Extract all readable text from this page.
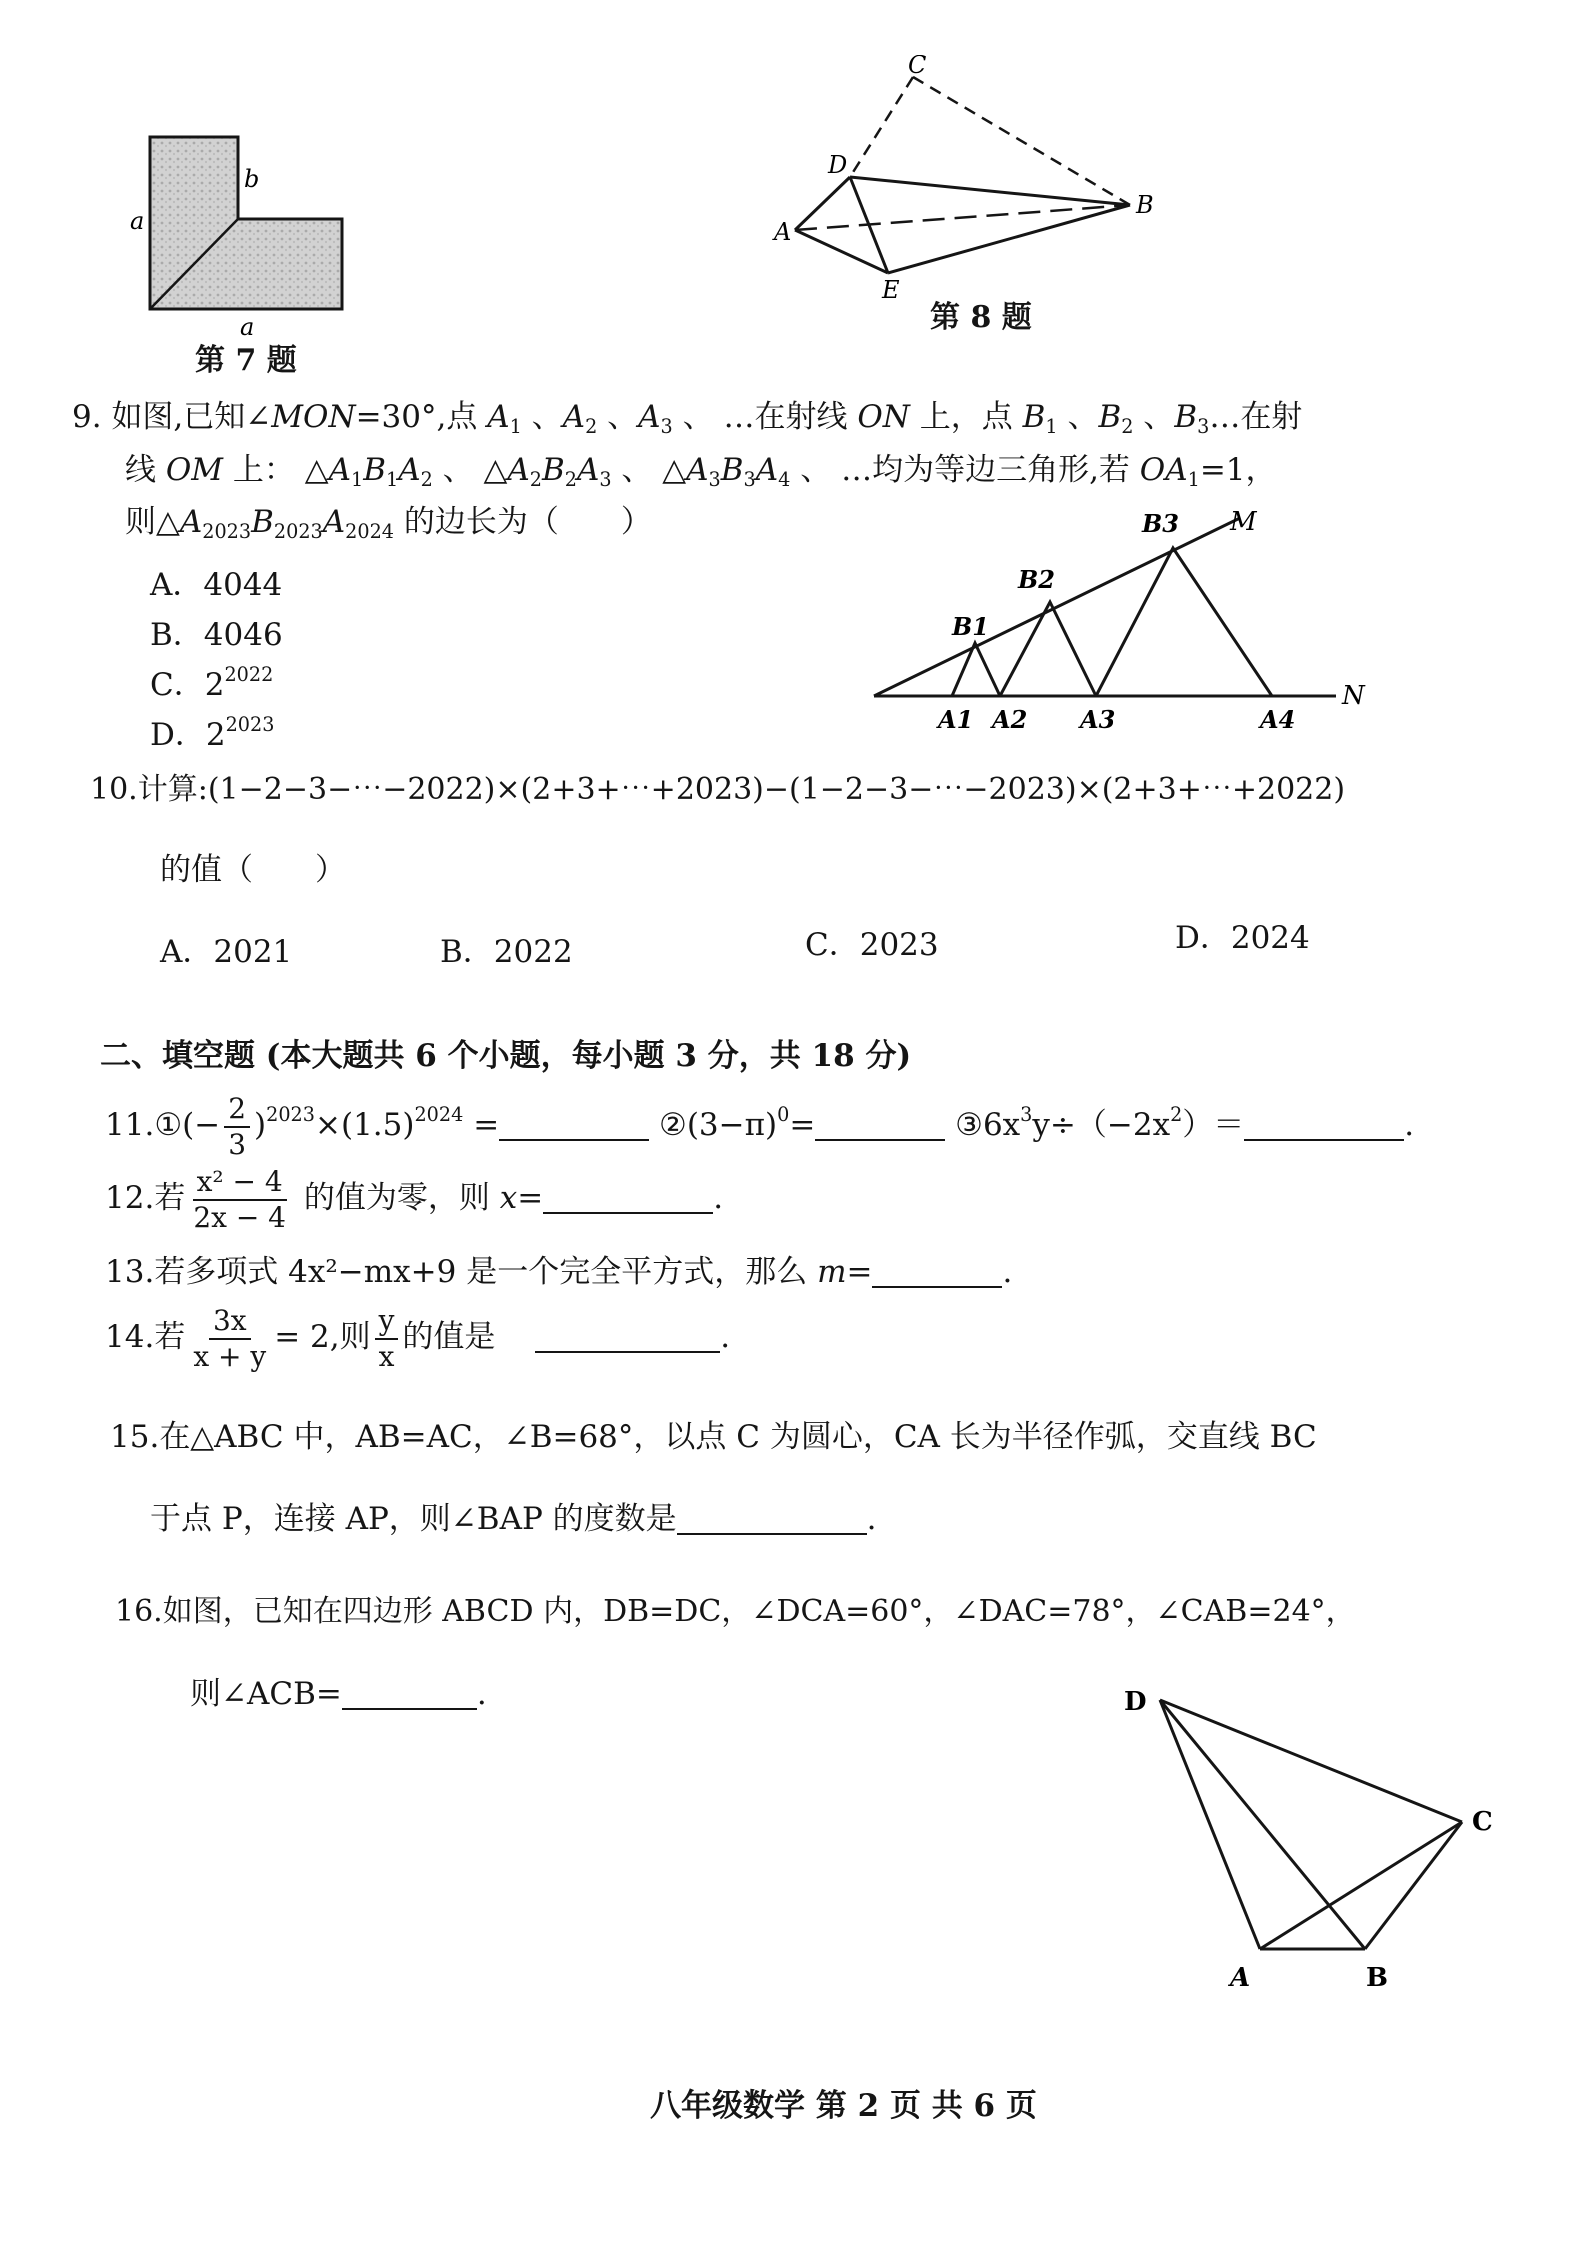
a
b
a
第 7 题
C
D
A
B
E
第 8 题
9. 如图,已知∠MON=30°,点 $A_1$ 、$A_2$ 、$A_3$ 、 …在射线 ON 上，点 $B_1$ 、$B_2$ 、$B_3\dots$在射
线 OM 上： $\triangle A_1B_1A_2$ 、 $\triangle A_2B_2A_3$ 、 $\triangle A_3B_3A_4$ 、 …均为等边三角形,若 $OA_1=1$，
则$\triangle A_{2023}B_{2023}A_{2024}$ 的边长为（   ）
A．4044
B．4046
C．$2^{2022}$
D．$2^{2023}$
B1
B2
B3 M
A1 A2 A3	A4
N
10.计算:(1−2−3−⋯−2022)×(2+3+⋯+2023)−(1−2−3−⋯−2023)×(2+3+⋯+2022)
的值（　　）
A．2021	B．2022	C．2023	D．2024
二、填空题 (本大题共 6 个小题，每小题 3 分，共 18 分)
11.①(− $\frac{2}{3} )^{2023}\times(1.5)^{2024}$ =	$②(3-\pi)^0=$	$③6x^3y\div(-2x^2)=$	.
12.若 $\frac{\text{x² − 4}}{2x - 4}$ 的值为零，则 x=	.
13.若多项式 4x²−mx+9 是一个完全平方式，那么 m=	.
14.若 $\frac{3x}{x + y} = 2$,则 $\frac{y}{x}$ 的值是	.
15.在△ABC 中，AB=AC，∠B=68°，以点 C 为圆心，CA 长为半径作弧，交直线 BC
于点 P，连接 AP，则∠BAP 的度数是	.
16.如图，已知在四边形 ABCD 内，DB=DC，∠DCA=60°，∠DAC=78°，∠CAB=24°，
则∠ACB=	.	D
C
A	B
八年级数学 第 2 页 共 6 页
